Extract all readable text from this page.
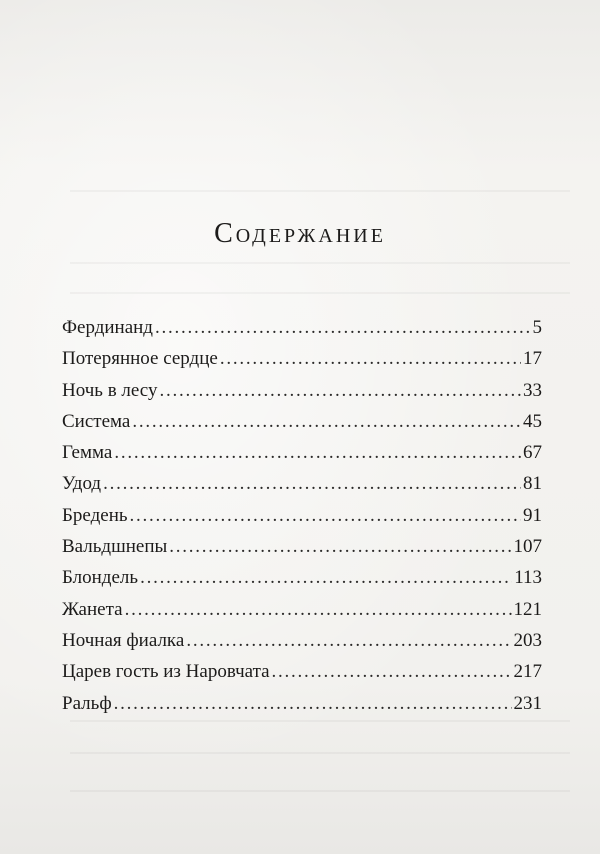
Содержание
Фердинанд . . .	5
Потерянное сердце . . .	17
Ночь в лесу . . .	33
Система . . .	45
Гемма . . .	67
Удод . . .	81
Бредень . . .	91
Вальдшнепы . . .	107
Блондель . . .	113
Жанета . . .	121
Ночная фиалка . . .	203
Царев гость из Наровчата . . .	217
Ральф . . .	231
